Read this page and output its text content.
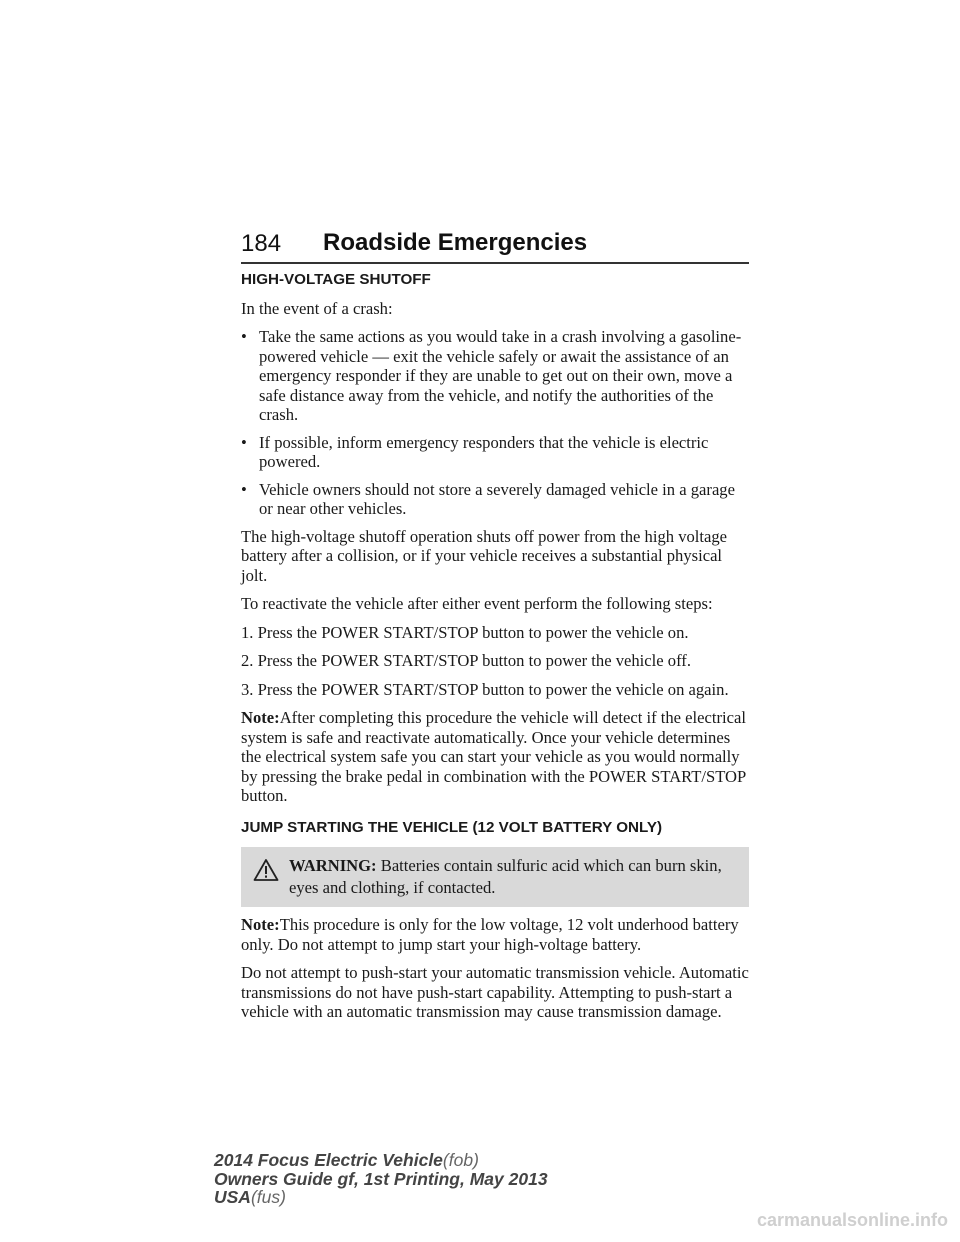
184 Roadside Emergencies
HIGH-VOLTAGE SHUTOFF

In the event of a crash:

• Take the same actions as you would take in a crash involving a gasoline-powered vehicle — exit the vehicle safely or await the assistance of an emergency responder if they are unable to get out on their own, move a safe distance away from the vehicle, and notify the authorities of the crash.
• If possible, inform emergency responders that the vehicle is electric powered.
• Vehicle owners should not store a severely damaged vehicle in a garage or near other vehicles.

The high-voltage shutoff operation shuts off power from the high voltage battery after a collision, or if your vehicle receives a substantial physical jolt.

To reactivate the vehicle after either event perform the following steps:

1. Press the POWER START/STOP button to power the vehicle on.

2. Press the POWER START/STOP button to power the vehicle off.

3. Press the POWER START/STOP button to power the vehicle on again.

Note:After completing this procedure the vehicle will detect if the electrical system is safe and reactivate automatically. Once your vehicle determines the electrical system safe you can start your vehicle as you would normally by pressing the brake pedal in combination with the POWER START/STOP button.

JUMP STARTING THE VEHICLE (12 VOLT BATTERY ONLY)
WARNING: Batteries contain sulfuric acid which can burn skin, eyes and clothing, if contacted.

Note:This procedure is only for the low voltage, 12 volt underhood battery only. Do not attempt to jump start your high-voltage battery.

Do not attempt to push-start your automatic transmission vehicle. Automatic transmissions do not have push-start capability. Attempting to push-start a vehicle with an automatic transmission may cause transmission damage.

2014 Focus Electric Vehicle(fob)
Owners Guide gf, 1st Printing, May 2013
USA(fus)
carmanualsonline.info
